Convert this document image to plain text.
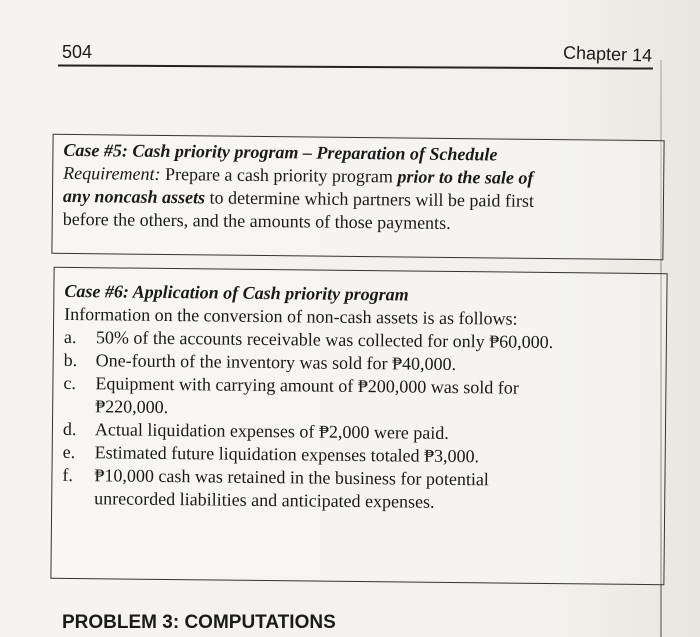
504	Chapter 14
Case #5: Cash priority program – Preparation of Schedule
Requirement: Prepare a cash priority program prior to the sale of
any noncash assets to determine which partners will be paid first
before the others, and the amounts of those payments.
Case #6: Application of Cash priority program
Information on the conversion of non-cash assets is as follows:
a.	50% of the accounts receivable was collected for only ₱60,000.
b.	One-fourth of the inventory was sold for ₱40,000.
c.	Equipment with carrying amount of ₱200,000 was sold for
₱220,000.
d.	Actual liquidation expenses of ₱2,000 were paid.
e.	Estimated future liquidation expenses totaled ₱3,000.
f.	₱10,000 cash was retained in the business for potential
unrecorded liabilities and anticipated expenses.
PROBLEM 3: COMPUTATIONS
